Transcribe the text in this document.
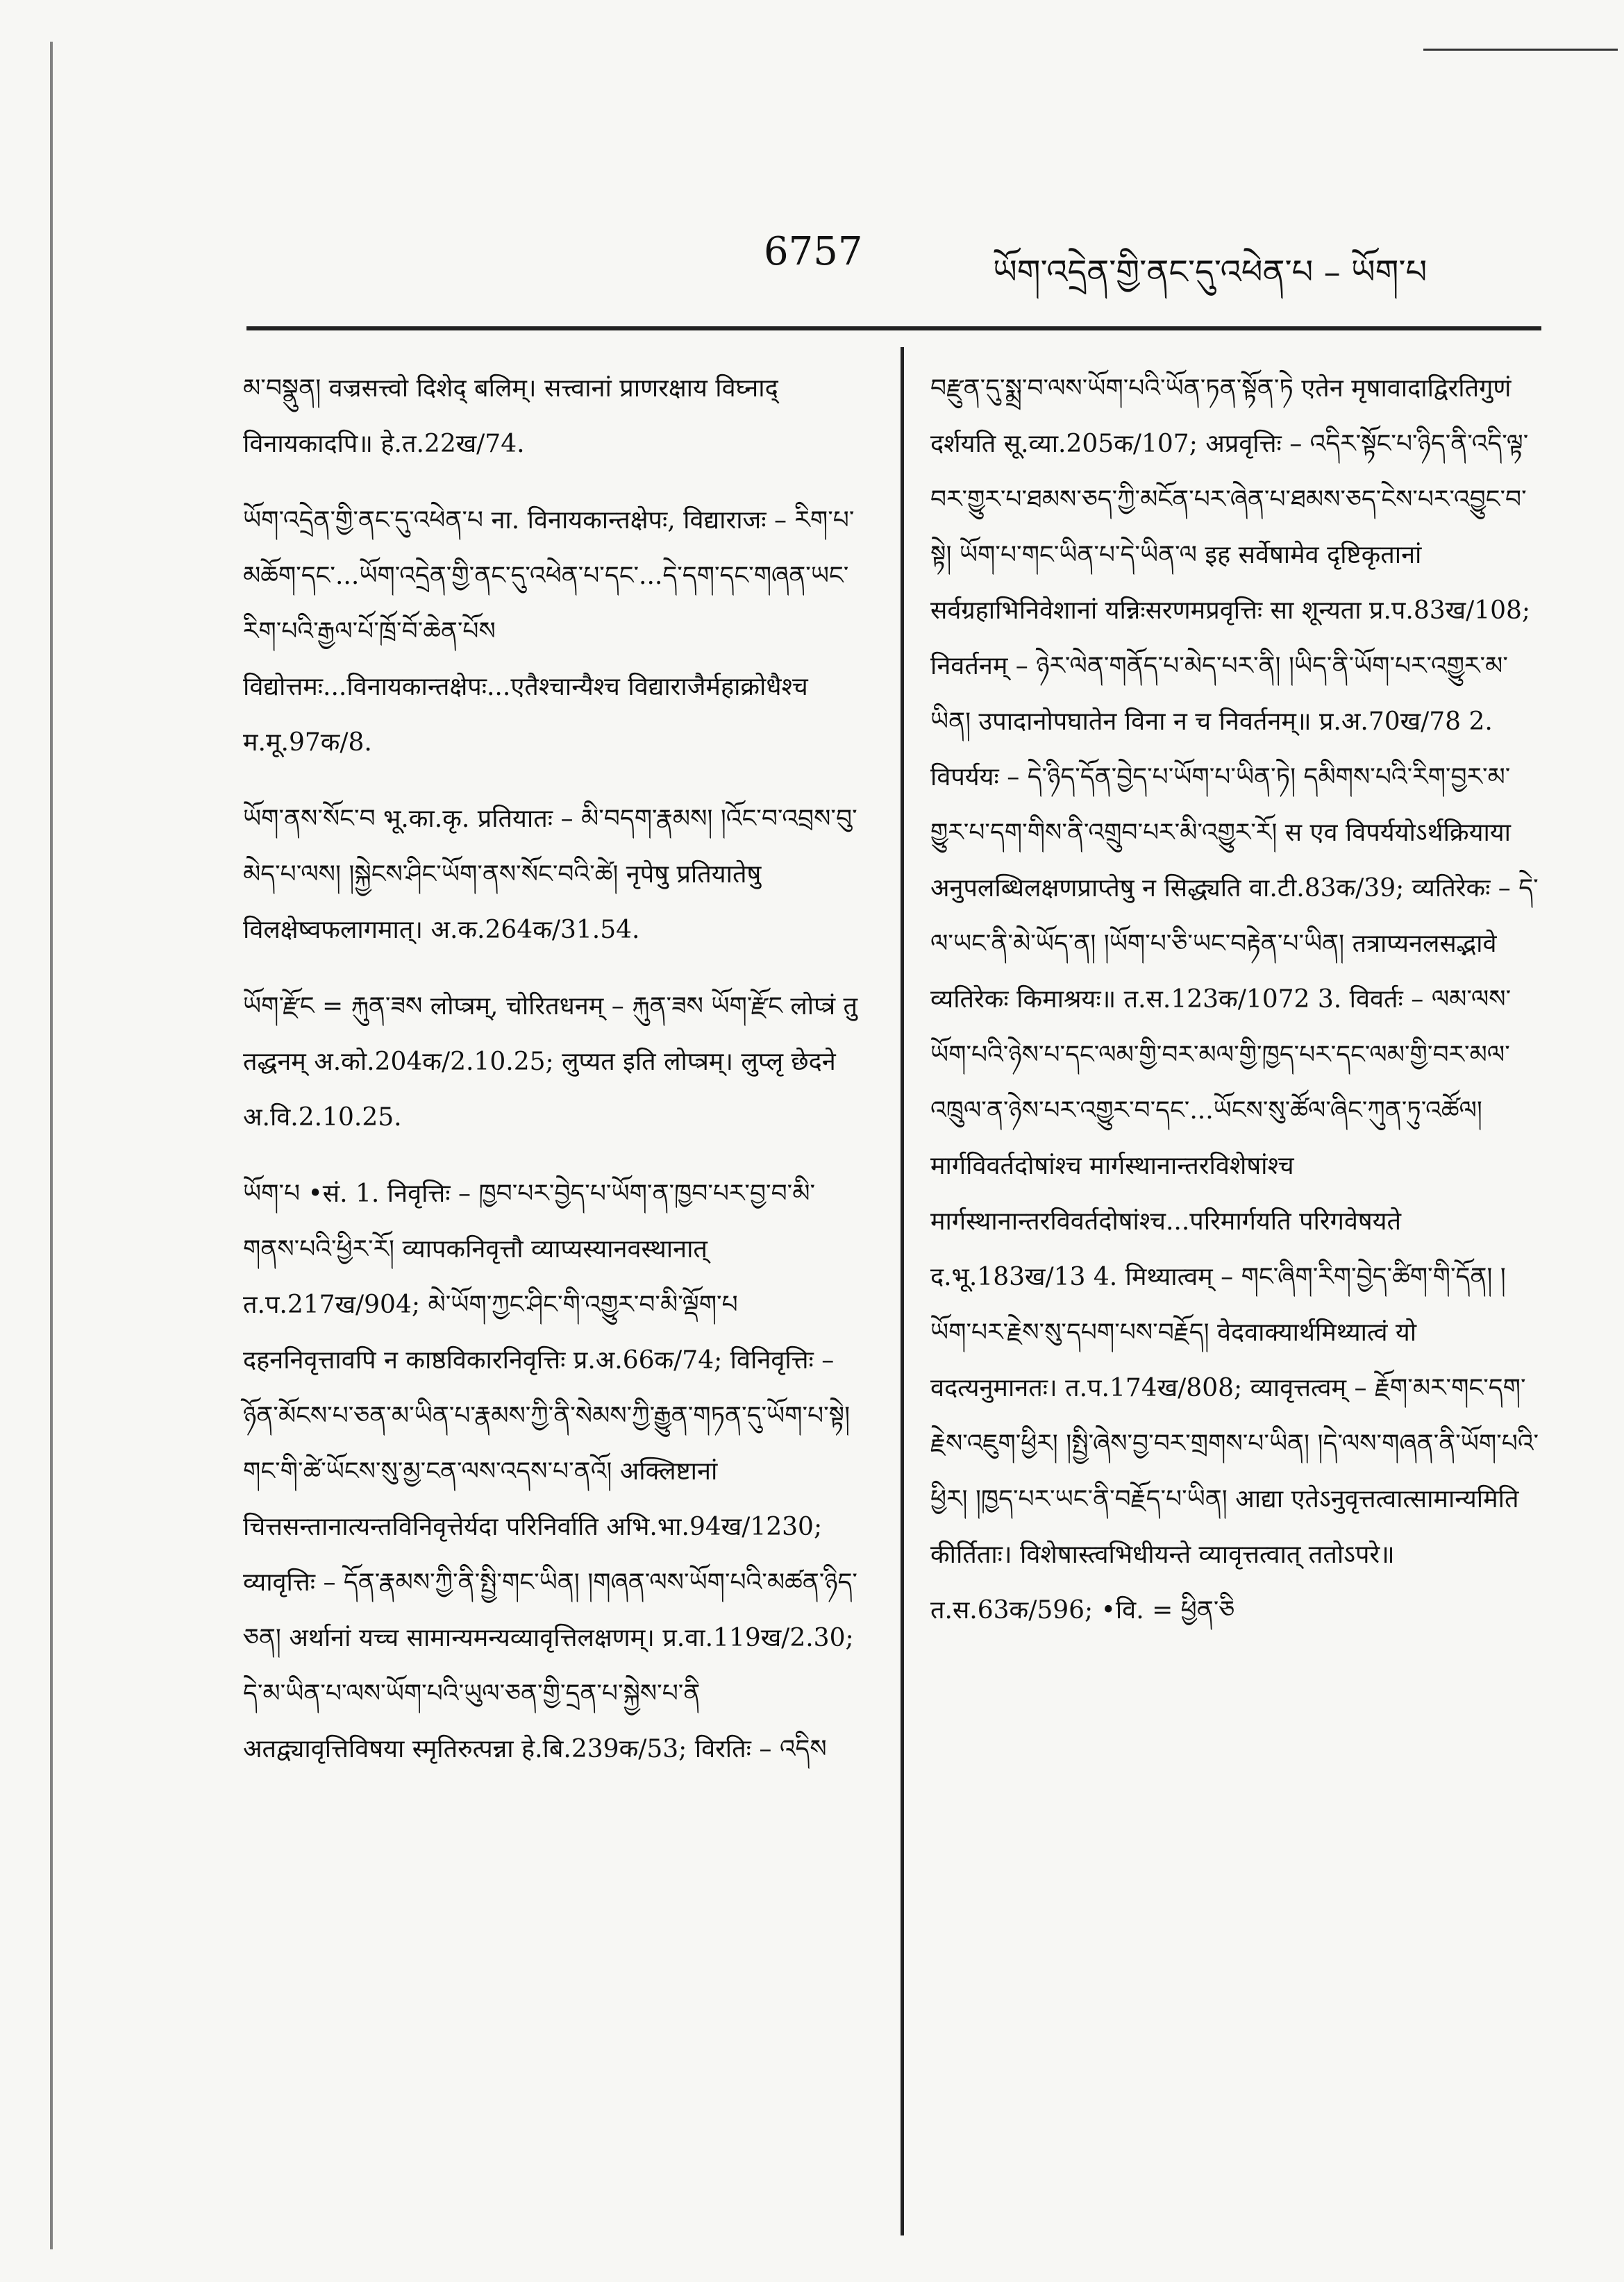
6757	ཡོག་འདྲེན་གྱི་ནང་དུ་འཕེན་པ – ཡོག་པ

མ་བསྣུན། वज्रसत्त्वो दिशेद् बलिम्। सत्त्वानां प्राणरक्षाय विघ्नाद् विनायकादपि॥ हे.त.22ख/74.

ཡོག་འདྲེན་གྱི་ནང་དུ་འཕེན་པ ना. विनायकान्तक्षेपः, विद्याराजः – རིག་པ་མཆོག་དང་...ཡོག་འདྲེན་གྱི་ནང་དུ་འཕེན་པ་དང་...དེ་དག་དང་གཞན་ཡང་རིག་པའི་རྒྱལ་པོ་ཁྲོ་བོ་ཆེན་པོས विद्योत्तमः...विनायकान्तक्षेपः...एतैश्चान्यैश्च विद्याराजैर्महाक्रोधैश्च म.मू.97क/8.

ཡོག་ནས་སོང་བ भू.का.कृ. प्रतियातः – མི་བདག་རྣམས། །འོང་བ་འབྲས་བུ་མེད་པ་ལས། །སྐྱེངས་ཤིང་ཡོག་ནས་སོང་བའི་ཚེ། नृपेषु प्रतियातेषु विलक्षेष्वफलागमात्। अ.क.264क/31.54.

ཡོག་རྫོང = རྐུན་ཟས लोप्त्रम्, चोरितधनम् – རྐུན་ཟས ཡོག་རྫོང लोप्त्रं तु तद्धनम् अ.को.204क/2.10.25; लुप्यत इति लोप्त्रम्। लुप्लृ छेदने अ.वि.2.10.25.

ཡོག་པ •सं. 1. निवृत्तिः – ཁྱབ་པར་བྱེད་པ་ཡོག་ན་ཁྱབ་པར་བྱ་བ་མི་གནས་པའི་ཕྱིར་རོ། व्यापकनिवृत्तौ व्याप्यस्यानवस्थानात् त.प.217ख/904; མེ་ཡོག་ཀྱང་ཤིང་གི་འགྱུར་བ་མི་ལྡོག་པ दहननिवृत्तावपि न काष्ठविकारनिवृत्तिः प्र.अ.66क/74; विनिवृत्तिः – ཉོན་མོངས་པ་ཅན་མ་ཡིན་པ་རྣམས་ཀྱི་ནི་སེམས་ཀྱི་རྒྱུན་གཏན་དུ་ཡོག་པ་སྟེ། གང་གི་ཚེ་ཡོངས་སུ་མྱ་ངན་ལས་འདས་པ་ནའོ། अक्लिष्टानां चित्तसन्तानात्यन्तविनिवृत्तेर्यदा परिनिर्वाति अभि.भा.94ख/1230; व्यावृत्तिः – དོན་རྣམས་ཀྱི་ནི་སྤྱི་གང་ཡིན། །གཞན་ལས་ཡོག་པའི་མཚན་ཉིད་ཅན། अर्थानां यच्च सामान्यमन्यव्यावृत्तिलक्षणम्। प्र.वा.119ख/2.30; དེ་མ་ཡིན་པ་ལས་ཡོག་པའི་ཡུལ་ཅན་གྱི་དྲན་པ་སྐྱེས་པ་ནི अतद्व्यावृत्तिविषया स्मृतिरुत्पन्ना हे.बि.239क/53; विरतिः – འདིས

བརྫུན་དུ་སྨྲ་བ་ལས་ཡོག་པའི་ཡོན་ཏན་སྟོན་ཏེ एतेन मृषावादाद्विरतिगुणं दर्शयति सू.व्या.205क/107; अप्रवृत्तिः – འདིར་སྟོང་པ་ཉིད་ནི་འདི་ལྟ་བར་གྱུར་པ་ཐམས་ཅད་ཀྱི་མངོན་པར་ཞེན་པ་ཐམས་ཅད་ངེས་པར་འབྱུང་བ་སྟེ། ཡོག་པ་གང་ཡིན་པ་དེ་ཡིན་ལ इह सर्वेषामेव दृष्टिकृतानां सर्वग्रहाभिनिवेशानां यन्निःसरणमप्रवृत्तिः सा शून्यता प्र.प.83ख/108; निवर्तनम् – ཉེར་ལེན་གནོད་པ་མེད་པར་ནི། །ཡིད་ནི་ཡོག་པར་འགྱུར་མ་ཡིན། उपादानोपघातेन विना न च निवर्तनम्॥ प्र.अ.70ख/78 2. विपर्ययः – དེ་ཉིད་དོན་བྱེད་པ་ཡོག་པ་ཡིན་ཏེ། དམིགས་པའི་རིག་བྱར་མ་གྱུར་པ་དག་གིས་ནི་འགྲུབ་པར་མི་འགྱུར་རོ། स एव विपर्ययोऽर्थक्रियाया अनुपलब्धिलक्षणप्राप्तेषु न सिद्ध्यति वा.टी.83क/39; व्यतिरेकः – དེ་ལ་ཡང་ནི་མེ་ཡོད་ན། །ཡོག་པ་ཅི་ཡང་བརྟེན་པ་ཡིན། तत्राप्यनलसद्भावे व्यतिरेकः किमाश्रयः॥ त.स.123क/1072 3. विवर्तः – ལམ་ལས་ཡོག་པའི་ཉེས་པ་དང་ལམ་གྱི་བར་མལ་གྱི་ཁྱད་པར་དང་ལམ་གྱི་བར་མལ་འཁྲུལ་ན་ཉེས་པར་འགྱུར་བ་དང་...ཡོངས་སུ་ཚོལ་ཞིང་ཀུན་ཏུ་འཚོལ། मार्गविवर्तदोषांश्च मार्गस्थानान्तरविशेषांश्च मार्गस्थानान्तरविवर्तदोषांश्च...परिमार्गयति परिगवेषयते द.भू.183ख/13 4. मिथ्यात्वम् – གང་ཞིག་རིག་བྱེད་ཚིག་གི་དོན། །ཡོག་པར་རྗེས་སུ་དཔག་པས་བརྗོད། वेदवाक्यार्थमिथ्यात्वं यो वदत्यनुमानतः। त.प.174ख/808; व्यावृत्तत्वम् – རྗོག་མར་གང་དག་རྗེས་འཇུག་ཕྱིར། །སྤྱི་ཞེས་བྱ་བར་གྲགས་པ་ཡིན། །དེ་ལས་གཞན་ནི་ཡོག་པའི་ཕྱིར། །ཁྱད་པར་ཡང་ནི་བརྗོད་པ་ཡིན། आद्या एतेऽनुवृत्तत्वात्सामान्यमिति कीर्तिताः। विशेषास्त्वभिधीयन्ते व्यावृत्तत्वात् ततोऽपरे॥ त.स.63क/596; •वि. = ཕྱིན་ཅི
